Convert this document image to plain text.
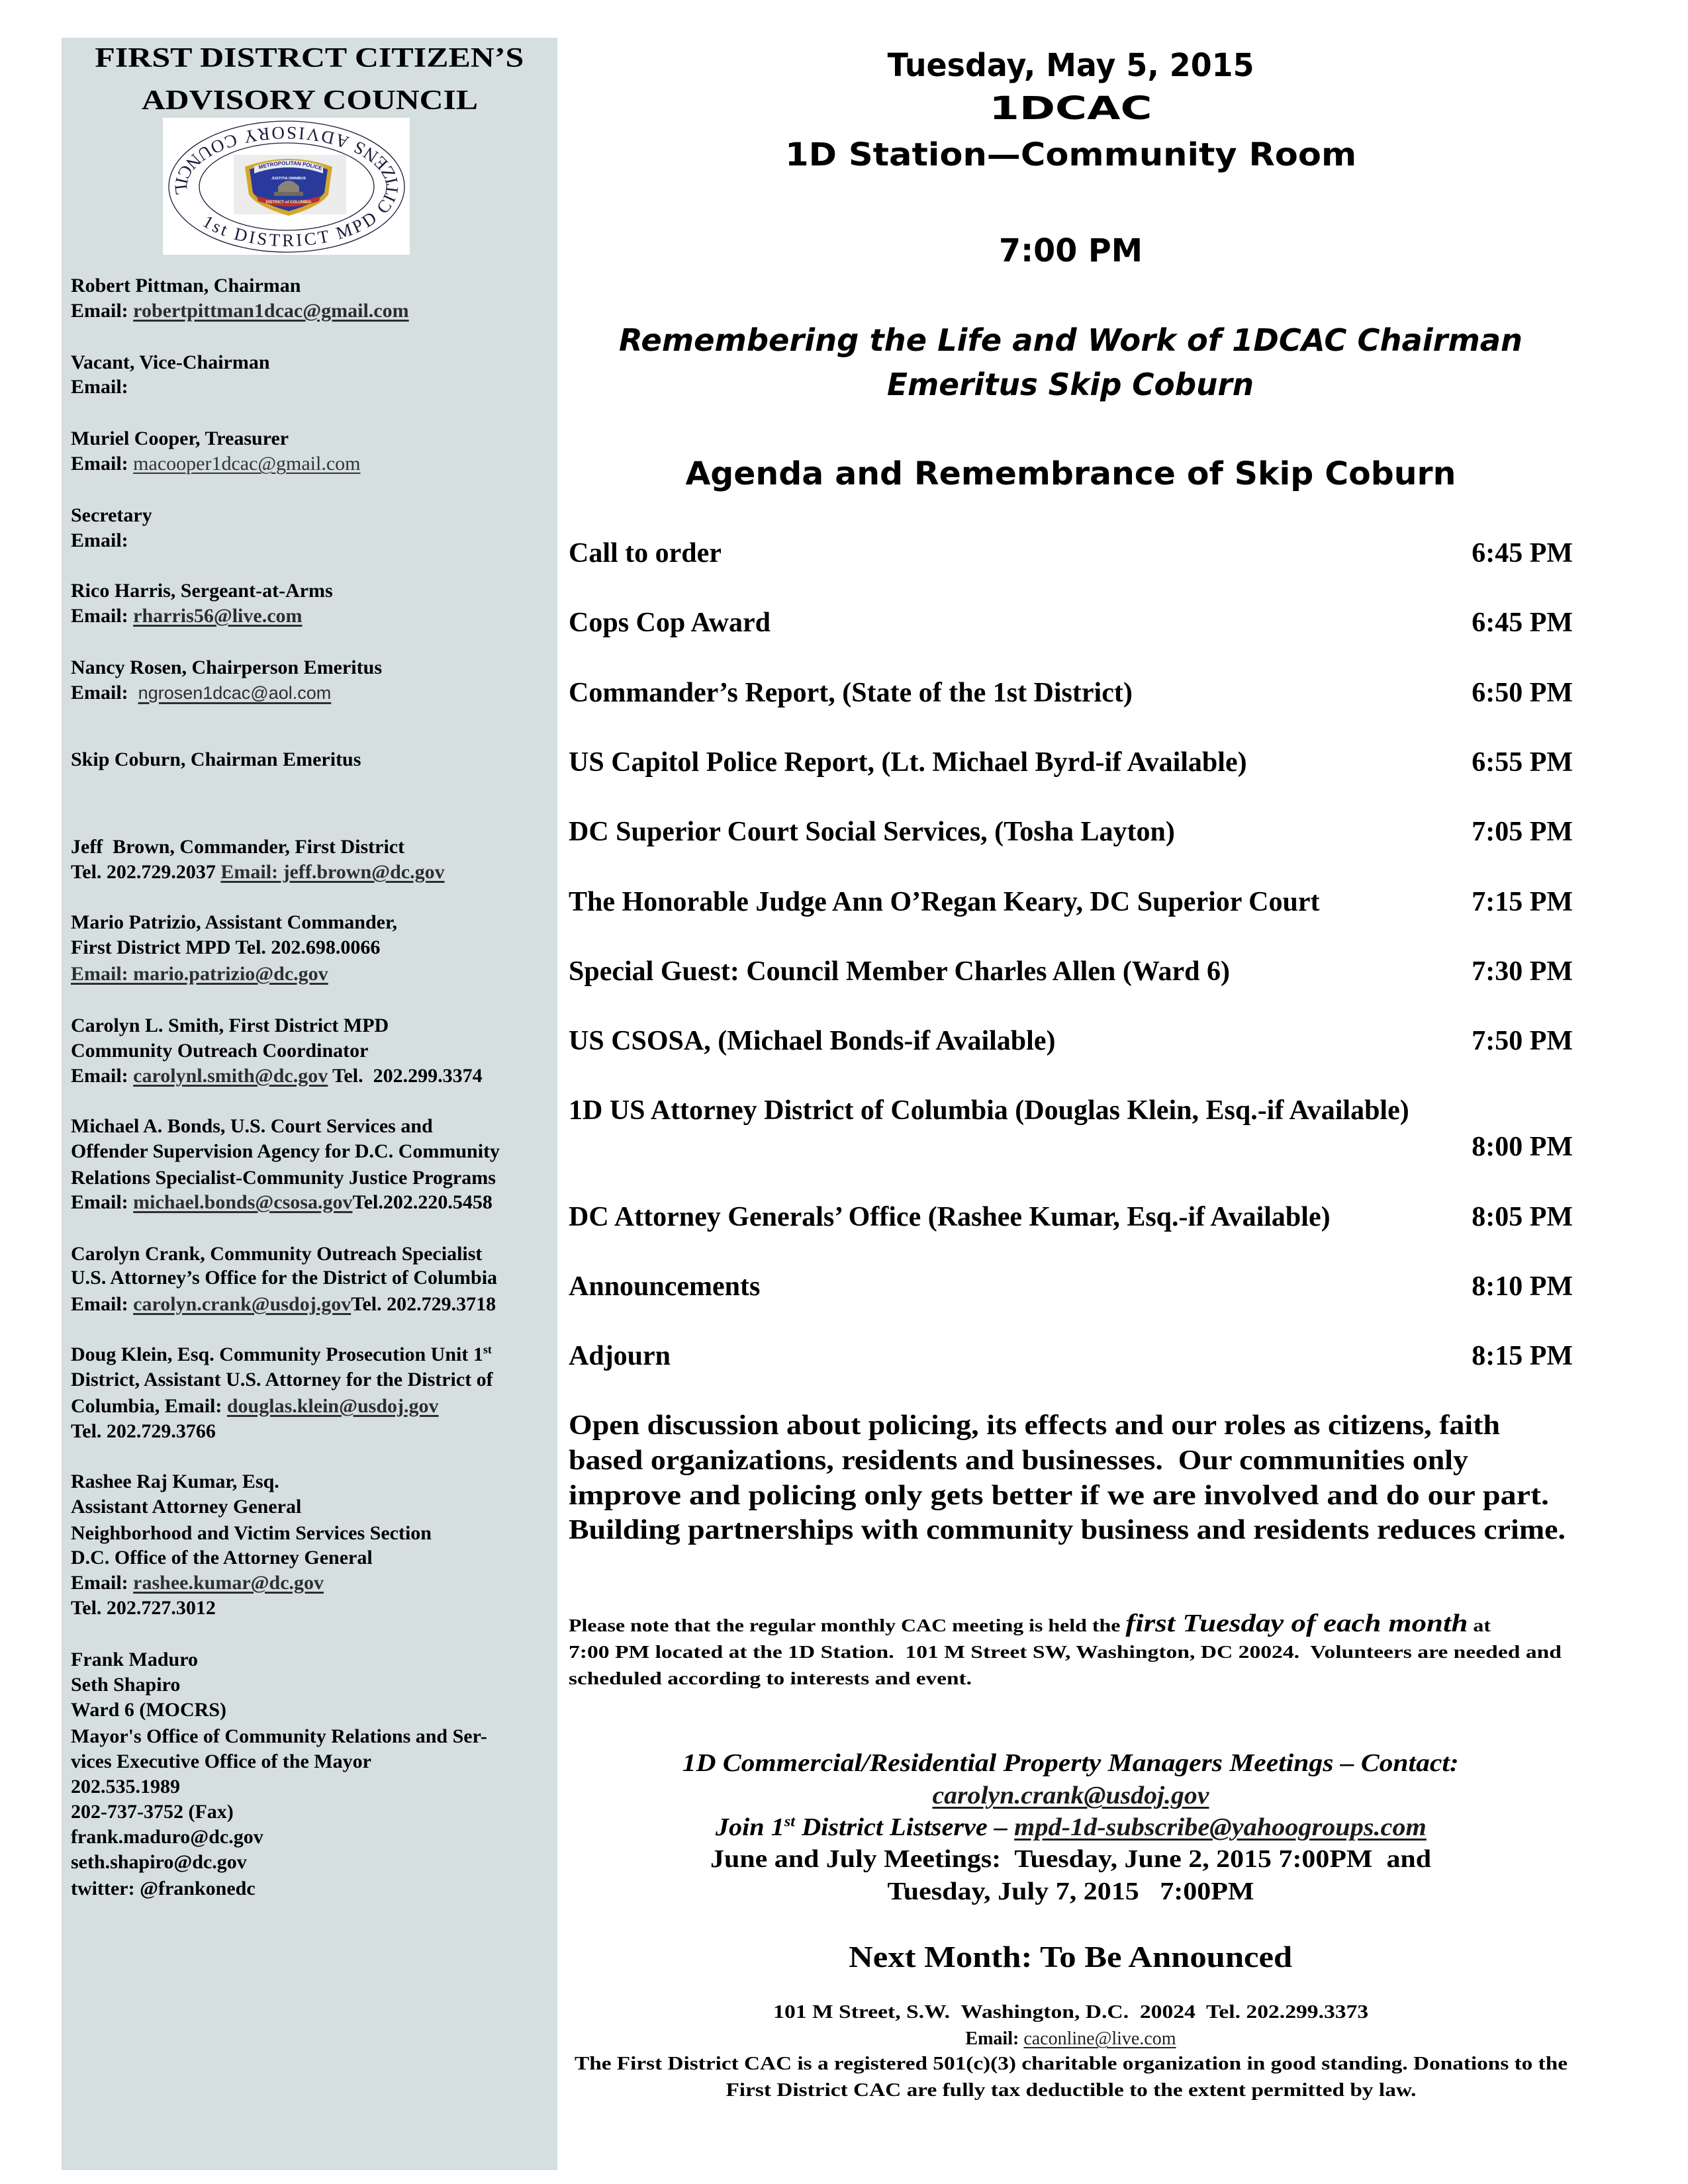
FIRST DISTRCT CITIZEN’S
ADVISORY COUNCIL
1st DISTRICT MPD CITIZENS ADVISORY COUNCIL
METROPOLITAN POLICE
JUSTITIA OMNIBUS
DISTRICT of COLUMBIA
Robert Pittman, Chairman
Email: robertpittman1dcac@gmail.com
Vacant, Vice-Chairman
Email:
Muriel Cooper, Treasurer
Email: macooper1dcac@gmail.com
Secretary
Email:
Rico Harris, Sergeant-at-Arms
Email: rharris56@live.com
Nancy Rosen, Chairperson Emeritus
Email: ngrosen1dcac@aol.com
Skip Coburn, Chairman Emeritus
Jeff  Brown, Commander, First District
Tel. 202.729.2037 Email: jeff.brown@dc.gov
Mario Patrizio, Assistant Commander,
First District MPD Tel. 202.698.0066
Email: mario.patrizio@dc.gov
Carolyn L. Smith, First District MPD
Community Outreach Coordinator
Email: carolynl.smith@dc.gov Tel.  202.299.3374
Michael A. Bonds, U.S. Court Services and
Offender Supervision Agency for D.C. Community
Relations Specialist-Community Justice Programs
Email: michael.bonds@csosa.govTel.202.220.5458
Carolyn Crank, Community Outreach Specialist
U.S. Attorney’s Office for the District of Columbia
Email: carolyn.crank@usdoj.govTel. 202.729.3718
Doug Klein, Esq. Community Prosecution Unit 1st
District, Assistant U.S. Attorney for the District of
Columbia, Email: douglas.klein@usdoj.gov
Tel. 202.729.3766
Rashee Raj Kumar, Esq.
Assistant Attorney General
Neighborhood and Victim Services Section
D.C. Office of the Attorney General
Email: rashee.kumar@dc.gov
Tel. 202.727.3012
Frank Maduro
Seth Shapiro
Ward 6 (MOCRS)
Mayor's Office of Community Relations and Ser-
vices Executive Office of the Mayor
202.535.1989
202-737-3752 (Fax)
frank.maduro@dc.gov
seth.shapiro@dc.gov
twitter: @frankonedc
Tuesday, May 5, 2015
1DCAC
1D Station—Community Room
7:00 PM
Remembering the Life and Work of 1DCAC Chairman
Emeritus Skip Coburn
Agenda and Remembrance of Skip Coburn
Call to order	6:45 PM
Cops Cop Award	6:45 PM
Commander’s Report, (State of the 1st District)	6:50 PM
US Capitol Police Report, (Lt. Michael Byrd-if Available)	6:55 PM
DC Superior Court Social Services, (Tosha Layton)	7:05 PM
The Honorable Judge Ann O’Regan Keary, DC Superior Court	7:15 PM
Special Guest: Council Member Charles Allen (Ward 6)	7:30 PM
US CSOSA, (Michael Bonds-if Available)	7:50 PM
1D US Attorney District of Columbia (Douglas Klein, Esq.-if Available)
8:00 PM
DC Attorney Generals’ Office (Rashee Kumar, Esq.-if Available)	8:05 PM
Announcements	8:10 PM
Adjourn	8:15 PM
Open discussion about policing, its effects and our roles as citizens, faith
based organizations, residents and businesses.  Our communities only
improve and policing only gets better if we are involved and do our part.
Building partnerships with community business and residents reduces crime.
Please note that the regular monthly CAC meeting is held the first Tuesday of each month at
7:00 PM located at the 1D Station.  101 M Street SW, Washington, DC 20024.  Volunteers are needed and
scheduled according to interests and event.
1D Commercial/Residential Property Managers Meetings – Contact:
carolyn.crank@usdoj.gov
Join 1st District Listserve – mpd-1d-subscribe@yahoogroups.com
June and July Meetings:  Tuesday, June 2, 2015 7:00PM  and
Tuesday, July 7, 2015   7:00PM
Next Month: To Be Announced
101 M Street, S.W.  Washington, D.C.  20024  Tel. 202.299.3373
Email: caconline@live.com
The First District CAC is a registered 501(c)(3) charitable organization in good standing. Donations to the
First District CAC are fully tax deductible to the extent permitted by law.
